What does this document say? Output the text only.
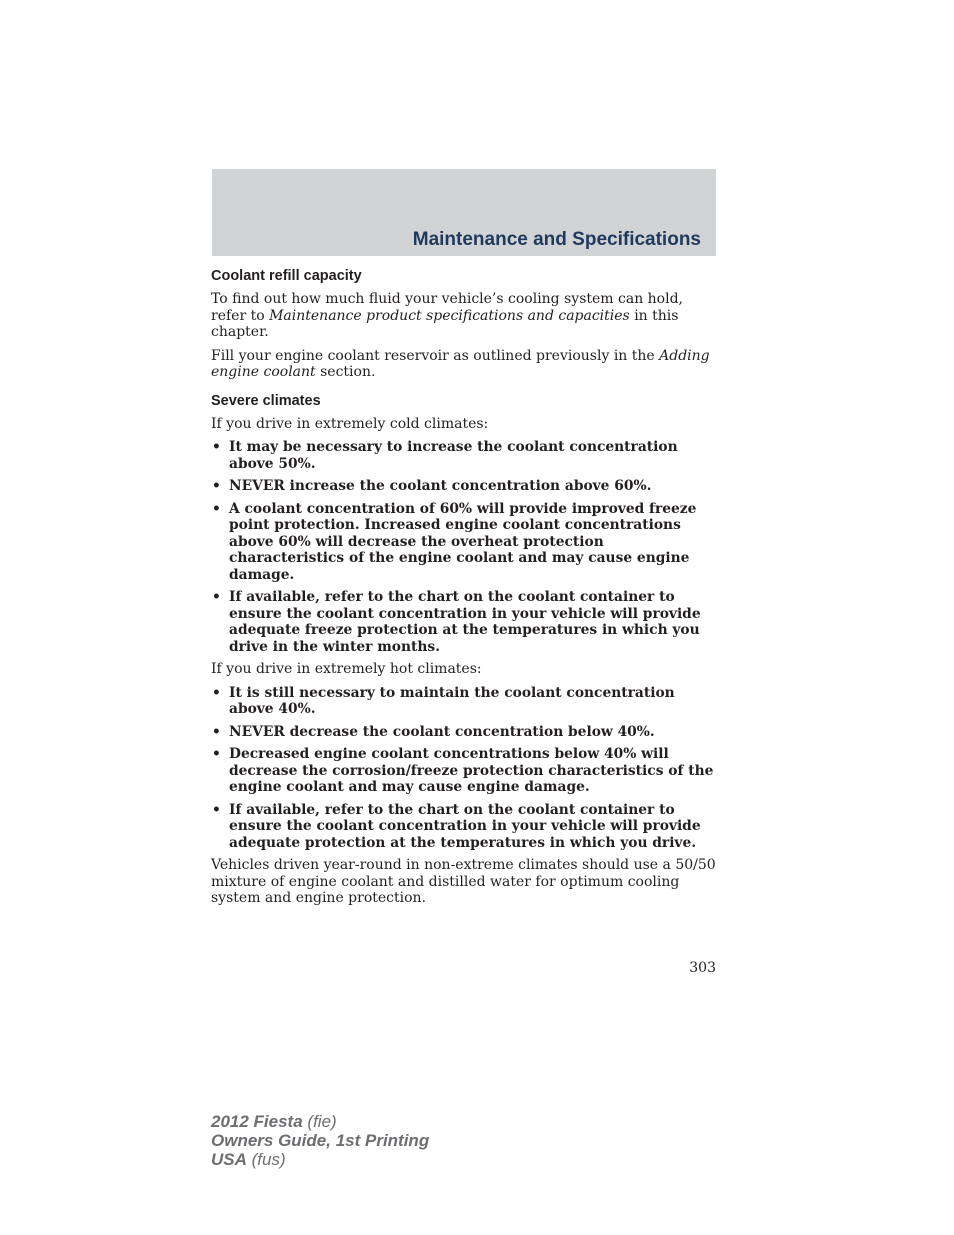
Maintenance and Specifications
Coolant refill capacity

To find out how much fluid your vehicle’s cooling system can hold, refer to Maintenance product specifications and capacities in this chapter.

Fill your engine coolant reservoir as outlined previously in the Adding engine coolant section.

Severe climates

If you drive in extremely cold climates:

• It may be necessary to increase the coolant concentration above 50%.
• NEVER increase the coolant concentration above 60%.
• A coolant concentration of 60% will provide improved freeze point protection. Increased engine coolant concentrations above 60% will decrease the overheat protection characteristics of the engine coolant and may cause engine damage.
• If available, refer to the chart on the coolant container to ensure the coolant concentration in your vehicle will provide adequate freeze protection at the temperatures in which you drive in the winter months.

If you drive in extremely hot climates:

• It is still necessary to maintain the coolant concentration above 40%.
• NEVER decrease the coolant concentration below 40%.
• Decreased engine coolant concentrations below 40% will decrease the corrosion/freeze protection characteristics of the engine coolant and may cause engine damage.
• If available, refer to the chart on the coolant container to ensure the coolant concentration in your vehicle will provide adequate protection at the temperatures in which you drive.

Vehicles driven year-round in non-extreme climates should use a 50/50 mixture of engine coolant and distilled water for optimum cooling system and engine protection.

303
2012 Fiesta (fie)
Owners Guide, 1st Printing
USA (fus)
